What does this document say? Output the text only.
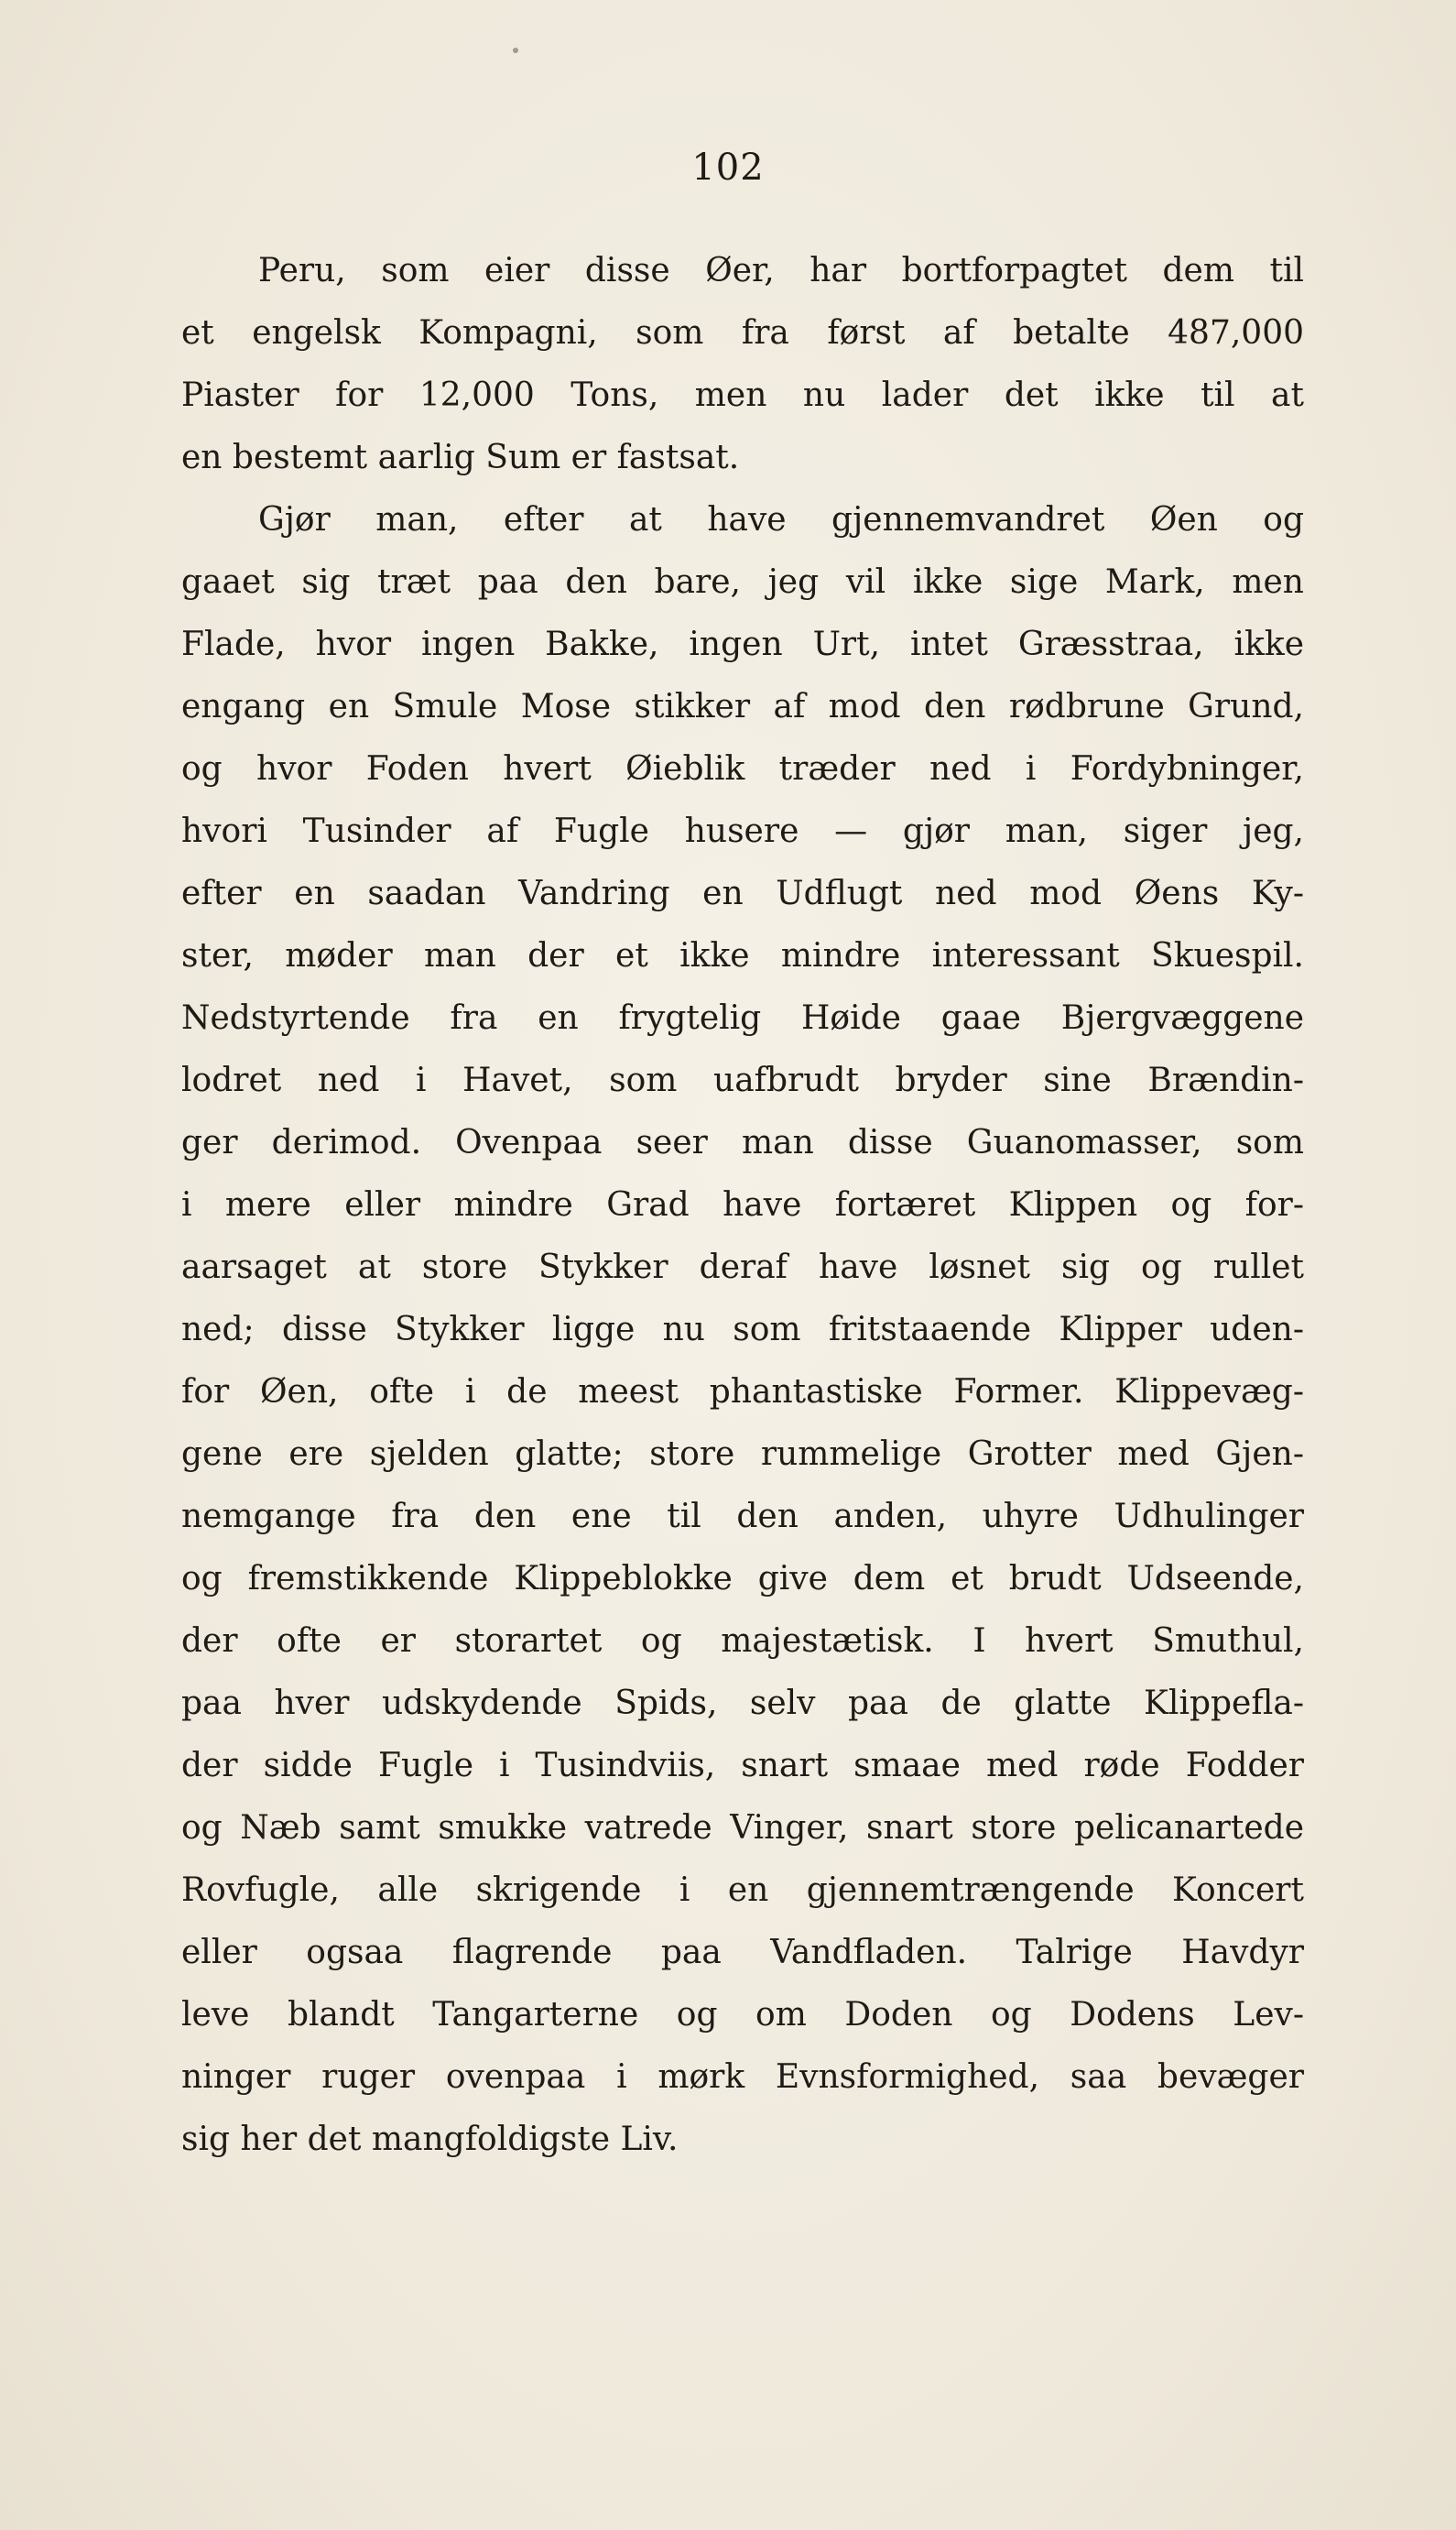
102
Peru, som eier disse Øer, har bortforpagtet dem til
et engelsk Kompagni, som fra først af betalte 487,000
Piaster for 12,000 Tons, men nu lader det ikke til at
en bestemt aarlig Sum er fastsat.
Gjør man, efter at have gjennemvandret Øen og
gaaet sig træt paa den bare, jeg vil ikke sige Mark, men
Flade, hvor ingen Bakke, ingen Urt, intet Græsstraa, ikke
engang en Smule Mose stikker af mod den rødbrune Grund,
og hvor Foden hvert Øieblik træder ned i Fordybninger,
hvori Tusinder af Fugle husere — gjør man, siger jeg,
efter en saadan Vandring en Udflugt ned mod Øens Ky-
ster, møder man der et ikke mindre interessant Skuespil.
Nedstyrtende fra en frygtelig Høide gaae Bjergvæggene
lodret ned i Havet, som uafbrudt bryder sine Brændin-
ger derimod. Ovenpaa seer man disse Guanomasser, som
i mere eller mindre Grad have fortæret Klippen og for-
aarsaget at store Stykker deraf have løsnet sig og rullet
ned; disse Stykker ligge nu som fritstaaende Klipper uden-
for Øen, ofte i de meest phantastiske Former. Klippevæg-
gene ere sjelden glatte; store rummelige Grotter med Gjen-
nemgange fra den ene til den anden, uhyre Udhulinger
og fremstikkende Klippeblokke give dem et brudt Udseende,
der ofte er storartet og majestætisk. I hvert Smuthul,
paa hver udskydende Spids, selv paa de glatte Klippefla-
der sidde Fugle i Tusindviis, snart smaae med røde Fodder
og Næb samt smukke vatrede Vinger, snart store pelicanartede
Rovfugle, alle skrigende i en gjennemtrængende Koncert
eller ogsaa flagrende paa Vandfladen. Talrige Havdyr
leve blandt Tangarterne og om Doden og Dodens Lev-
ninger ruger ovenpaa i mørk Evnsformighed, saa bevæger
sig her det mangfoldigste Liv.
